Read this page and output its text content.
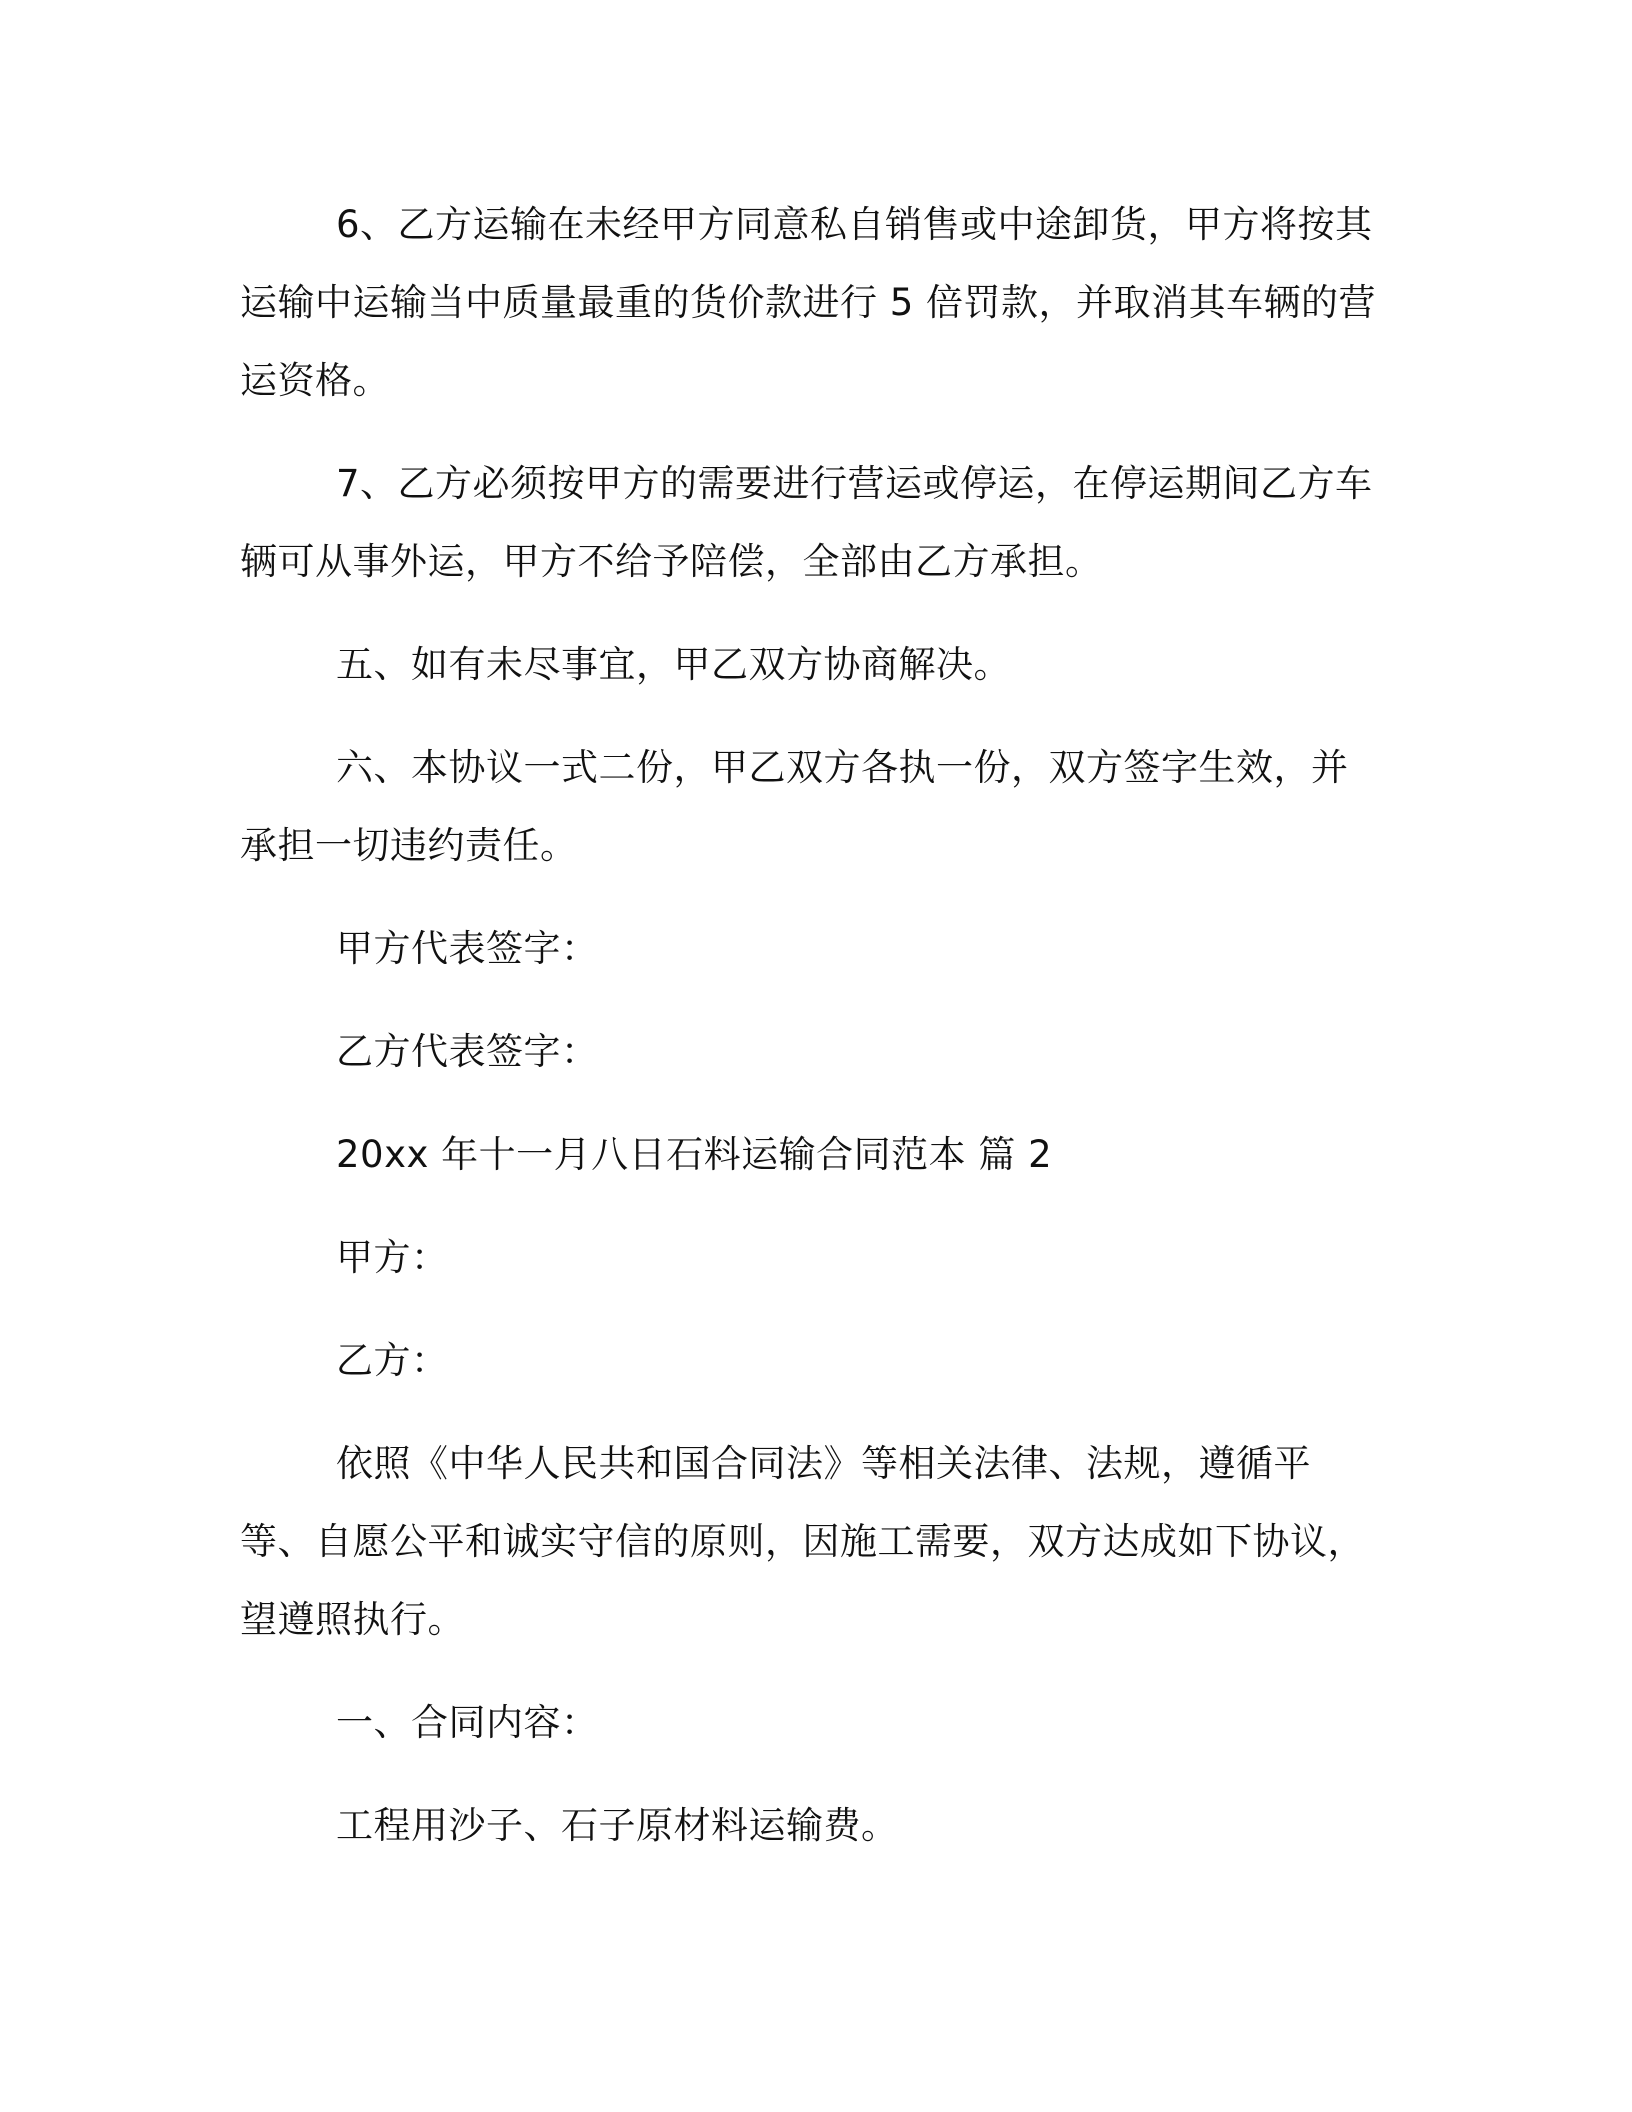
6、乙方运输在未经甲方同意私自销售或中途卸货，甲方将按其运输中运输当中质量最重的货价款进行 5 倍罚款，并取消其车辆的营运资格。

7、乙方必须按甲方的需要进行营运或停运，在停运期间乙方车辆可从事外运，甲方不给予陪偿，全部由乙方承担。

五、如有未尽事宜，甲乙双方协商解决。

六、本协议一式二份，甲乙双方各执一份，双方签字生效，并承担一切违约责任。

甲方代表签字：

乙方代表签字：

20xx 年十一月八日石料运输合同范本 篇 2

甲方：

乙方：

依照《中华人民共和国合同法》等相关法律、法规，遵循平等、自愿公平和诚实守信的原则，因施工需要，双方达成如下协议，望遵照执行。

一、合同内容：

工程用沙子、石子原材料运输费。
